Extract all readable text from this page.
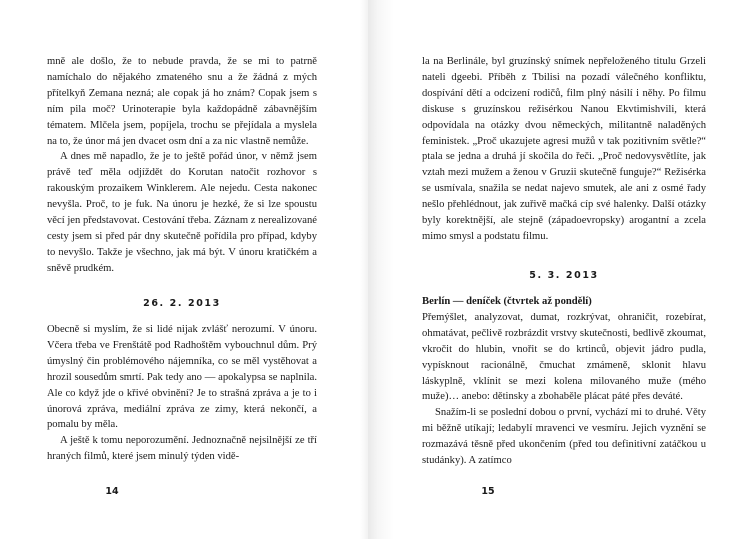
mně ale došlo, že to nebude pravda, že se mi to patrně namíchalo do nějakého zmateného snu a že žádná z mých přítelkyň Zemana nezná; ale copak já ho znám? Copak jsem s ním pila moč? Urinoterapie byla každopádně zábavnějším tématem. Mlčela jsem, popíjela, trochu se přejídala a myslela na to, že únor má jen dvacet osm dní a za nic vlastně nemůže.

A dnes mě napadlo, že je to ještě pořád únor, v němž jsem právě teď měla odjíždět do Korutan natočit rozhovor s rakouským prozaikem Winklerem. Ale nejedu. Cesta nakonec nevyšla. Proč, to je fuk. Na únoru je hezké, že si lze spoustu věcí jen představovat. Cestování třeba. Záznam z nerealizované cesty jsem si před pár dny skutečně pořídila pro případ, kdyby to nevyšlo. Takže je všechno, jak má být. V únoru kratičkém a sněvě prudkém.

26. 2. 2013

Obecně si myslím, že si lidé nijak zvlášť nerozumí. V únoru. Včera třeba ve Frenštátě pod Radhoštěm vybouchnul dům. Prý úmyslný čin problémového nájemníka, co se měl vystěhovat a hrozil sousedům smrtí. Pak tedy ano — apokalypsa se naplnila. Ale co když jde o křivé obvinění? Je to strašná zpráva a je to i únorová zpráva, mediální zpráva ze zimy, která nekončí, a pomalu by měla.

A ještě k tomu neporozumění. Jednoznačně nejsilnější ze tří hraných filmů, které jsem minulý týden vidě-

14

la na Berlinále, byl gruzínský snímek nepřeloženého titulu Grzeli nateli dgeebi. Příběh z Tbilisi na pozadí válečného konfliktu, dospívání dětí a odcizení rodičů, film plný násilí i něhy. Po filmu diskuse s gruzínskou režisérkou Nanou Ekvtimishvili, která odpovídala na otázky dvou německých, militantně naladěných feministek. „Proč ukazujete agresi mužů v tak pozitivním světle?“ ptala se jedna a druhá jí skočila do řeči. „Proč nedovysvětlíte, jak vztah mezi mužem a ženou v Gruzii skutečně funguje?“ Režisérka se usmívala, snažila se nedat najevo smutek, ale ani z osmé řady nešlo přehlédnout, jak zuřivě mačká cíp své halenky. Další otázky byly korektnější, ale stejně (západoevropsky) arogantní a zcela mimo smysl a podstatu filmu.

5. 3. 2013

Berlín — deníček (čtvrtek až pondělí)

Přemýšlet, analyzovat, dumat, rozkrývat, ohraničit, rozebírat, ohmatávat, pečlivě rozbrázdit vrstvy skutečnosti, bedlivě zkoumat, vkročit do hlubin, vnořit se do krtinců, objevit jádro pudla, vypísknout racionálně, čmuchat zmámeně, sklonit hlavu láskyplně, vklínit se mezi kolena milovaného muže (mého muže)… anebo: dětinsky a zbohaběle plácat páté přes deváté.

Snažím-li se poslední dobou o první, vychází mi to druhé. Věty mi běžně utíkají; ledabylí mravenci ve vesmíru. Jejich vyznění se rozmazává těsně před ukončením (před tou definitivní zatáčkou u studánky). A zatímco

15
